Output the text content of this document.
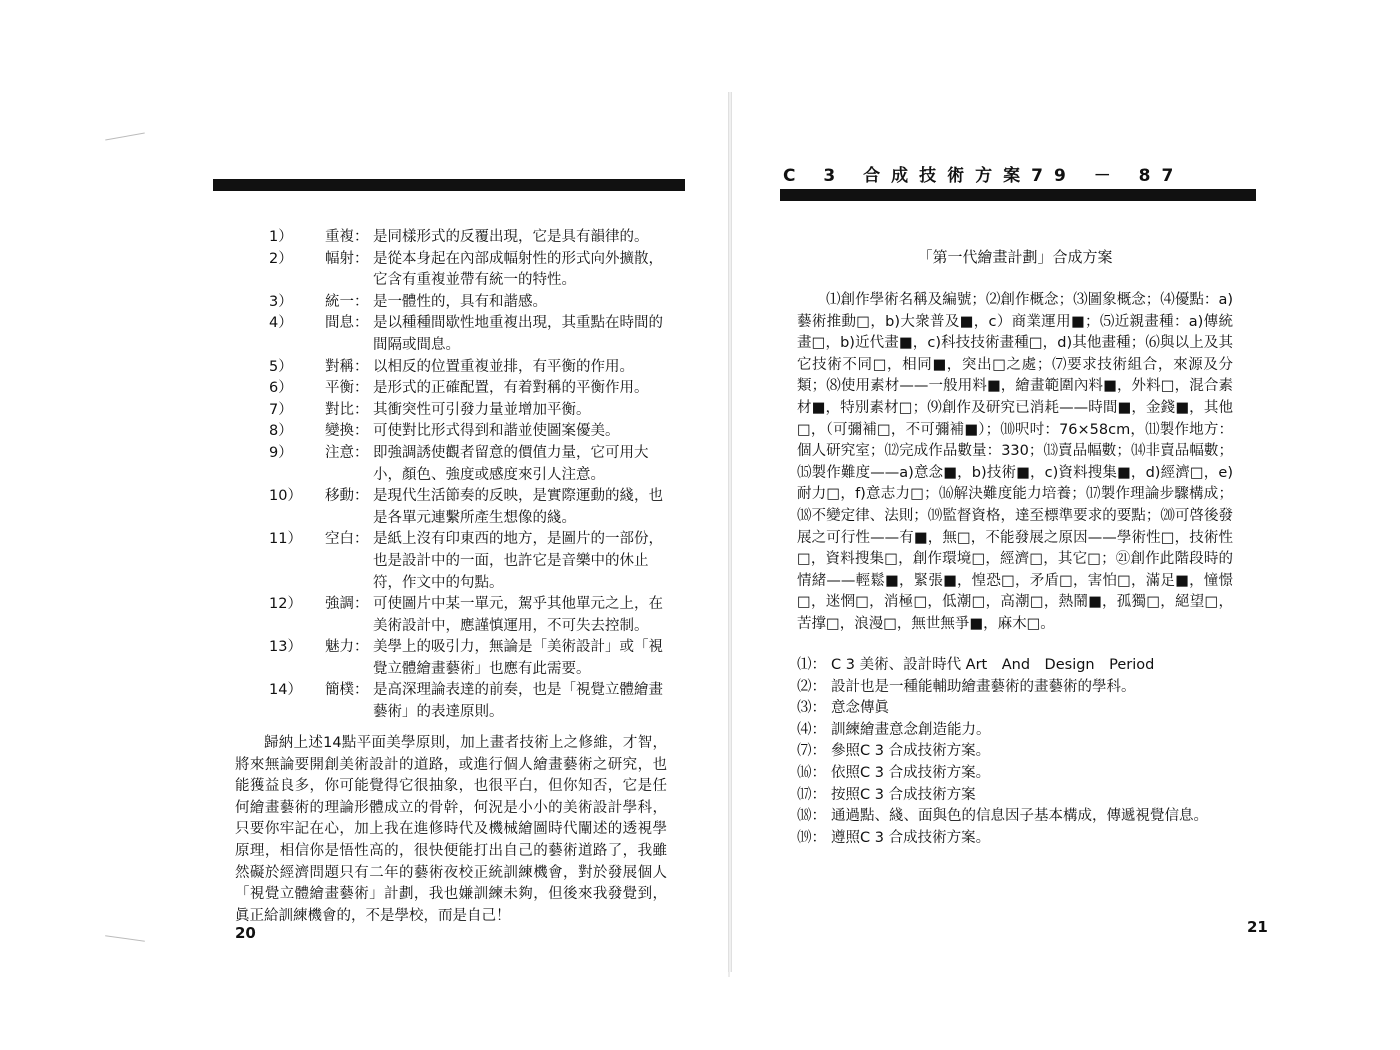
1）	重複： 是同樣形式的反覆出現，它是具有韻律的。
2）	幅射： 是從本身起在內部成幅射性的形式向外擴散，它含有重複並帶有統一的特性。
3）	統一： 是一體性的，具有和諧感。
4）	間息： 是以種種間歇性地重複出現，其重點在時間的間隔或間息。
5）	對稱： 以相反的位置重複並排，有平衡的作用。
6）	平衡： 是形式的正確配置，有着對稱的平衡作用。
7）	對比： 其衝突性可引發力量並增加平衡。
8）	變換： 可使對比形式得到和諧並使圖案優美。
9）	注意： 即強調誘使觀者留意的價值力量，它可用大小，顏色、強度或感度來引人注意。
10）	移動： 是現代生活節奏的反映，是實際運動的綫，也是各單元連繫所產生想像的綫。
11）	空白： 是紙上沒有印東西的地方，是圖片的一部份，也是設計中的一面，也許它是音樂中的休止符，作文中的句點。
12）	強調： 可使圖片中某一單元，駕乎其他單元之上，在美術設計中，應謹慎運用，不可失去控制。
13）	魅力： 美學上的吸引力，無論是「美術設計」或「視覺立體繪畫藝術」也應有此需要。
14）	簡樸： 是高深理論表達的前奏，也是「視覺立體繪畫藝術」的表達原則。

歸納上述14點平面美學原則，加上畫者技術上之修維，才智，將來無論要開創美術設計的道路，或進行個人繪畫藝術之研究，也能獲益良多，你可能覺得它很抽象，也很平白，但你知否，它是任何繪畫藝術的理論形體成立的骨幹，何況是小小的美術設計學科，只要你牢記在心，加上我在進修時代及機械繪圖時代闡述的透視學原理，相信你是悟性高的，很快便能打出自己的藝術道路了，我雖然礙於經濟問題只有二年的藝術夜校正統訓練機會，對於發展個人「視覺立體繪畫藝術」計劃，我也嫌訓練未夠，但後來我發覺到，眞正給訓練機會的，不是學校，而是自己！

20
C 3 合成技術方案79 － 87
「第一代繪畫計劃」合成方案

⑴創作學術名稱及編號；⑵創作概念；⑶圖象概念；⑷優點：a)藝術推動□，b)大衆普及■，c）商業運用■；⑸近親畫種：a)傳統畫□，b)近代畫■，c)科技技術畫種□，d)其他畫種；⑹與以上及其它技術不同□，相同■，突出□之處；⑺要求技術組合，來源及分類；⑻使用素材——一般用料■，繪畫範圍內料■，外料□，混合素材■，特別素材□；⑼創作及研究已消耗——時間■，金錢■，其他□，（可彌補□，不可彌補■）；⑽呎吋：76×58cm，⑾製作地方：個人研究室；⑿完成作品數量：330；⒀賣品幅數；⒁非賣品幅數；⒂製作難度——a)意念■，b)技術■，c)資料搜集■，d)經濟□，e)耐力□，f)意志力□；⒃解決難度能力培養；⒄製作理論步驟構成；⒅不變定律、法則；⒆監督資格，達至標準要求的要點；⒇可啓後發展之可行性——有■，無□，不能發展之原因——學術性□，技術性□，資料搜集□，創作環境□，經濟□，其它□；㉑創作此階段時的情緒——輕鬆■，緊張■，惶恐□，矛盾□，害怕□，滿足■，憧憬□，迷惘□，消極□，低潮□，高潮□，熱鬧■，孤獨□，絕望□，苦撑□，浪漫□，無世無爭■，麻木□。

⑴： C 3 美術、設計時代 Art　And　Design　Period
⑵： 設計也是一種能輔助繪畫藝術的畫藝術的學科。
⑶： 意念傳眞
⑷： 訓練繪畫意念創造能力。
⑺： 參照C 3 合成技術方案。
⒃： 依照C 3 合成技術方案。
⒄： 按照C 3 合成技術方案
⒅： 通過點、綫、面與色的信息因子基本構成，傳遞視覺信息。
⒆： 遵照C 3 合成技術方案。
21
